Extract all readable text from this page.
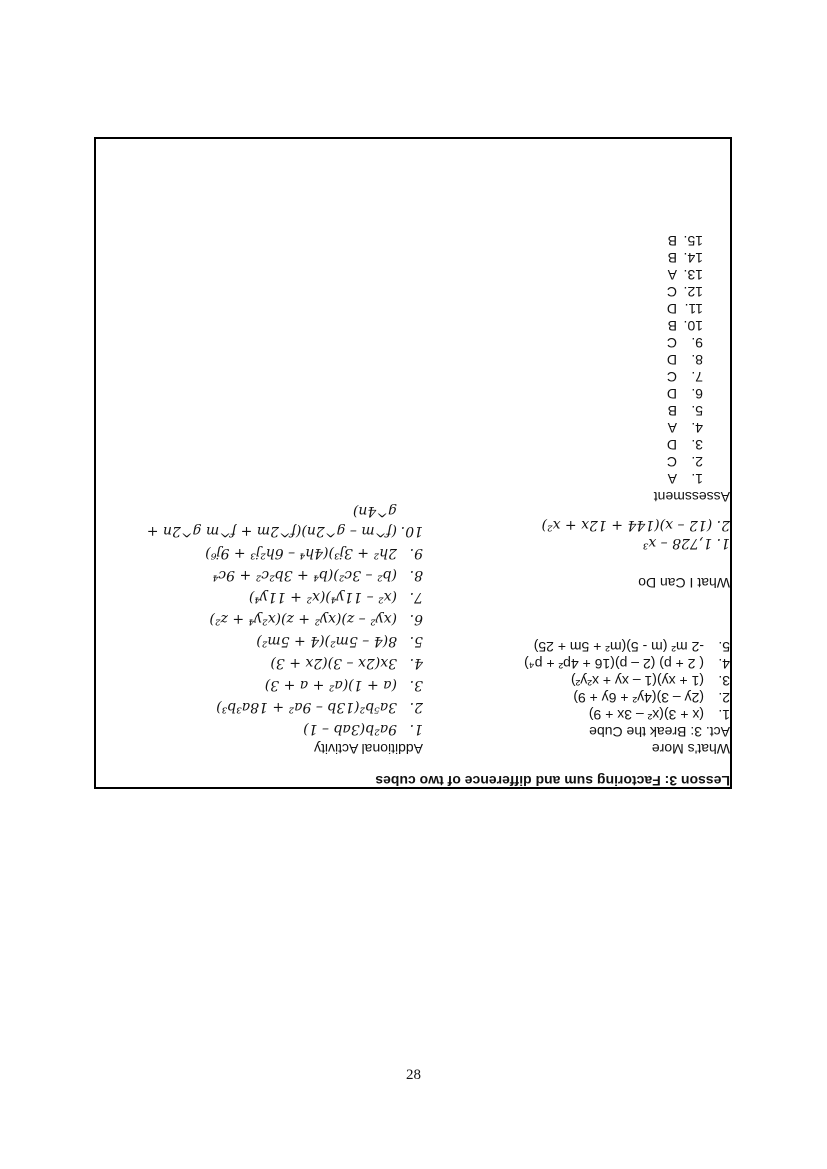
Lesson 3: Factoring sum and difference of two cubes
What's More
Act. 3: Break the Cube
1.(x + 3)(x² – 3x + 9)
2.(2y – 3)(4y² + 6y + 9)
3.(1 + xy)(1 – xy + x²y²)
4.( 2 + p) (2 – p)(16 + 4p² + p⁴)
5.-2 m² (m - 5)(m² + 5m + 25)
What I Can Do
1. 1,728 – x³
2. (12 – x)(144 + 12x + x²)
Assessment
1.A
2.C
3.D
4.A
5.B
6.D
7.C
8.D
9.C
10.B
11.D
12.C
13.A
14.B
15.B
Additional Activity
1.9a²b(3ab – 1)
2.3a⁵b²(13b – 9a² + 18a³b³)
3.(a + 1)(a² + a + 3)
4.3x(2x – 3)(2x + 3)
5.8(4 – 5m²)(4 + 5m²)
6.(xy² – z)(xy² + z)(x²y⁴ + z²)
7.(x² – 11y⁴)(x² + 11y⁴)
8.(b² – 3c²)(b⁴ + 3b²c² + 9c⁴
9.2h² + 3j³)(4h⁴ – 6h²j³ + 9j⁶)
10.(f^m – g^2n)(f^2m + f^m g^2n +
g^4n)
28
